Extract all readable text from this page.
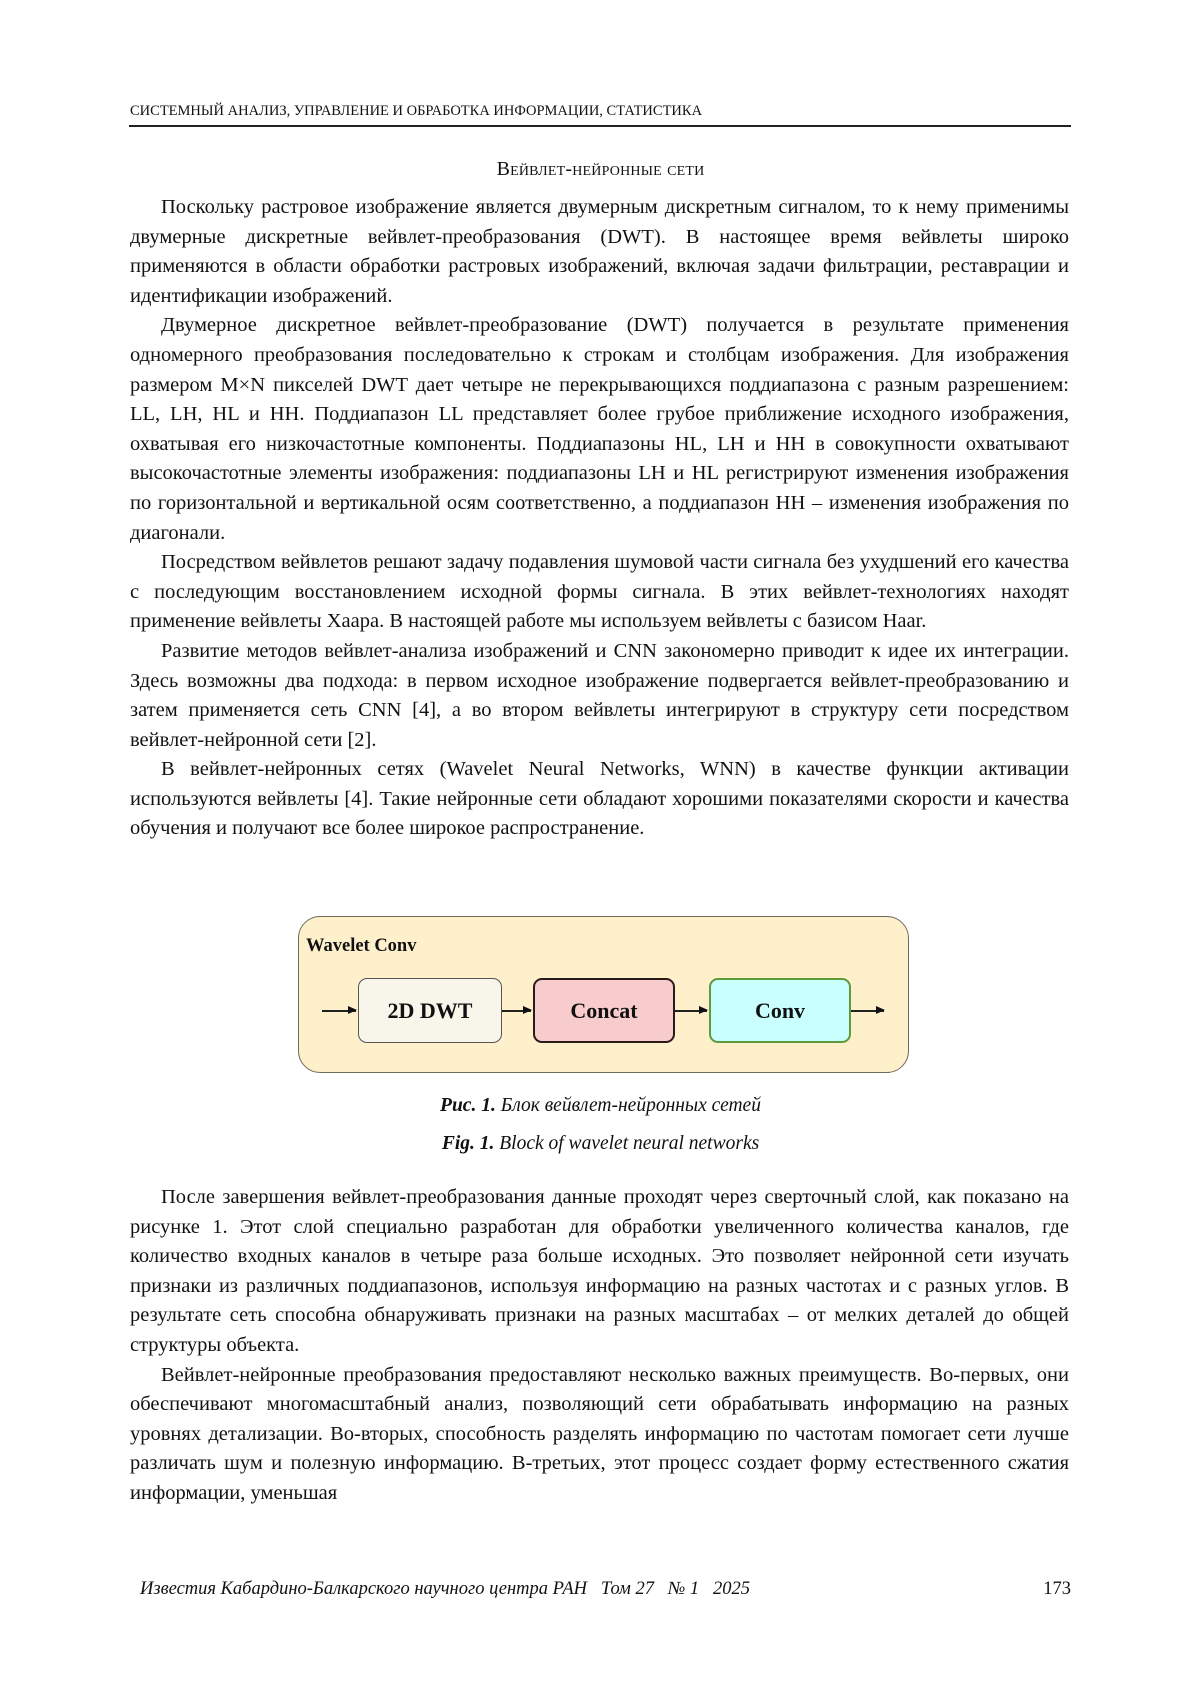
СИСТЕМНЫЙ АНАЛИЗ, УПРАВЛЕНИЕ И ОБРАБОТКА ИНФОРМАЦИИ, СТАТИСТИКА
Вейвлет-нейронные сети

Поскольку растровое изображение является двумерным дискретным сигналом, то к нему применимы двумерные дискретные вейвлет-преобразования (DWT). В настоящее время вейвлеты широко применяются в области обработки растровых изображений, включая задачи фильтрации, реставрации и идентификации изображений.

Двумерное дискретное вейвлет-преобразование (DWT) получается в результате применения одномерного преобразования последовательно к строкам и столбцам изображения. Для изображения размером M×N пикселей DWT дает четыре не перекрывающихся поддиапазона с разным разрешением: LL, LH, HL и HH. Поддиапазон LL представляет более грубое приближение исходного изображения, охватывая его низкочастотные компоненты. Поддиапазоны HL, LH и HH в совокупности охватывают высокочастотные элементы изображения: поддиапазоны LH и HL регистрируют изменения изображения по горизонтальной и вертикальной осям соответственно, а поддиапазон HH – изменения изображения по диагонали.

Посредством вейвлетов решают задачу подавления шумовой части сигнала без ухудшений его качества с последующим восстановлением исходной формы сигнала. В этих вейвлет-технологиях находят применение вейвлеты Хаара. В настоящей работе мы используем вейвлеты с базисом Haar.

Развитие методов вейвлет-анализа изображений и CNN закономерно приводит к идее их интеграции. Здесь возможны два подхода: в первом исходное изображение подвергается вейвлет-преобразованию и затем применяется сеть CNN [4], а во втором вейвлеты интегрируют в структуру сети посредством вейвлет-нейронной сети [2].

В вейвлет-нейронных сетях (Wavelet Neural Networks, WNN) в качестве функции активации используются вейвлеты [4]. Такие нейронные сети обладают хорошими показателями скорости и качества обучения и получают все более широкое распространение.

Wavelet Conv
2D DWT	Concat	Conv
Рис. 1. Блок вейвлет-нейронных сетей
Fig. 1. Block of wavelet neural networks

После завершения вейвлет-преобразования данные проходят через сверточный слой, как показано на рисунке 1. Этот слой специально разработан для обработки увеличенного количества каналов, где количество входных каналов в четыре раза больше исходных. Это позволяет нейронной сети изучать признаки из различных поддиапазонов, используя информацию на разных частотах и с разных углов. В результате сеть способна обнаруживать признаки на разных масштабах – от мелких деталей до общей структуры объекта.

Вейвлет-нейронные преобразования предоставляют несколько важных преимуществ. Во-первых, они обеспечивают многомасштабный анализ, позволяющий сети обрабатывать информацию на разных уровнях детализации. Во-вторых, способность разделять информацию по частотам помогает сети лучше различать шум и полезную информацию. В-третьих, этот процесс создает форму естественного сжатия информации, уменьшая

Известия Кабардино-Балкарского научного центра РАН   Том 27   № 1   2025	173
